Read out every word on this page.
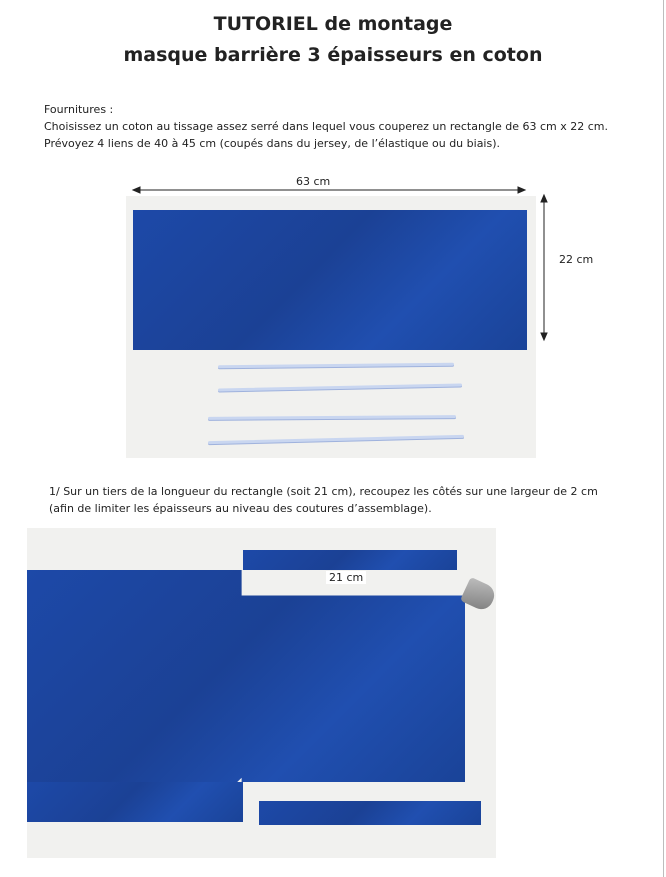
TUTORIEL de montage
masque barrière 3 épaisseurs en coton
Fournitures :
Choisissez un coton au tissage assez serré dans lequel vous couperez un rectangle de 63 cm x 22 cm.
Prévoyez 4 liens de 40 à 45 cm (coupés dans du jersey, de l’élastique ou du biais).
63 cm
22 cm
1/ Sur un tiers de la longueur du rectangle (soit 21 cm), recoupez les côtés sur une largeur de 2 cm
(afin de limiter les épaisseurs au niveau des coutures d’assemblage).
21 cm
